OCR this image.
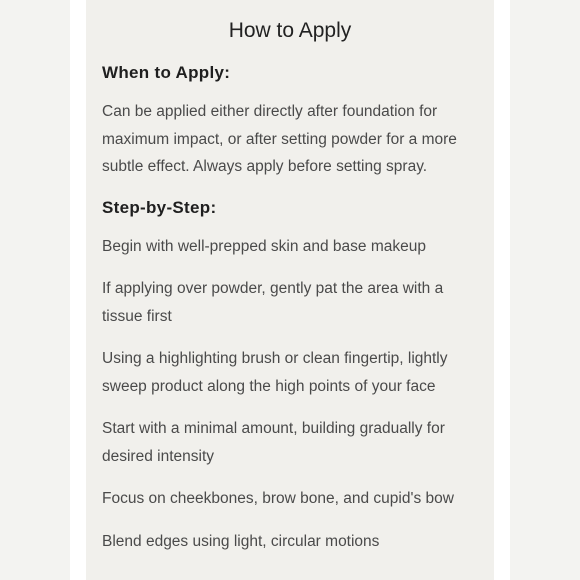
How to Apply
When to Apply:

Can be applied either directly after foundation for maximum impact, or after setting powder for a more subtle effect. Always apply before setting spray.

Step-by-Step:
Begin with well-prepped skin and base makeup
If applying over powder, gently pat the area with a tissue first
Using a highlighting brush or clean fingertip, lightly sweep product along the high points of your face
Start with a minimal amount, building gradually for desired intensity
Focus on cheekbones, brow bone, and cupid's bow
Blend edges using light, circular motions
